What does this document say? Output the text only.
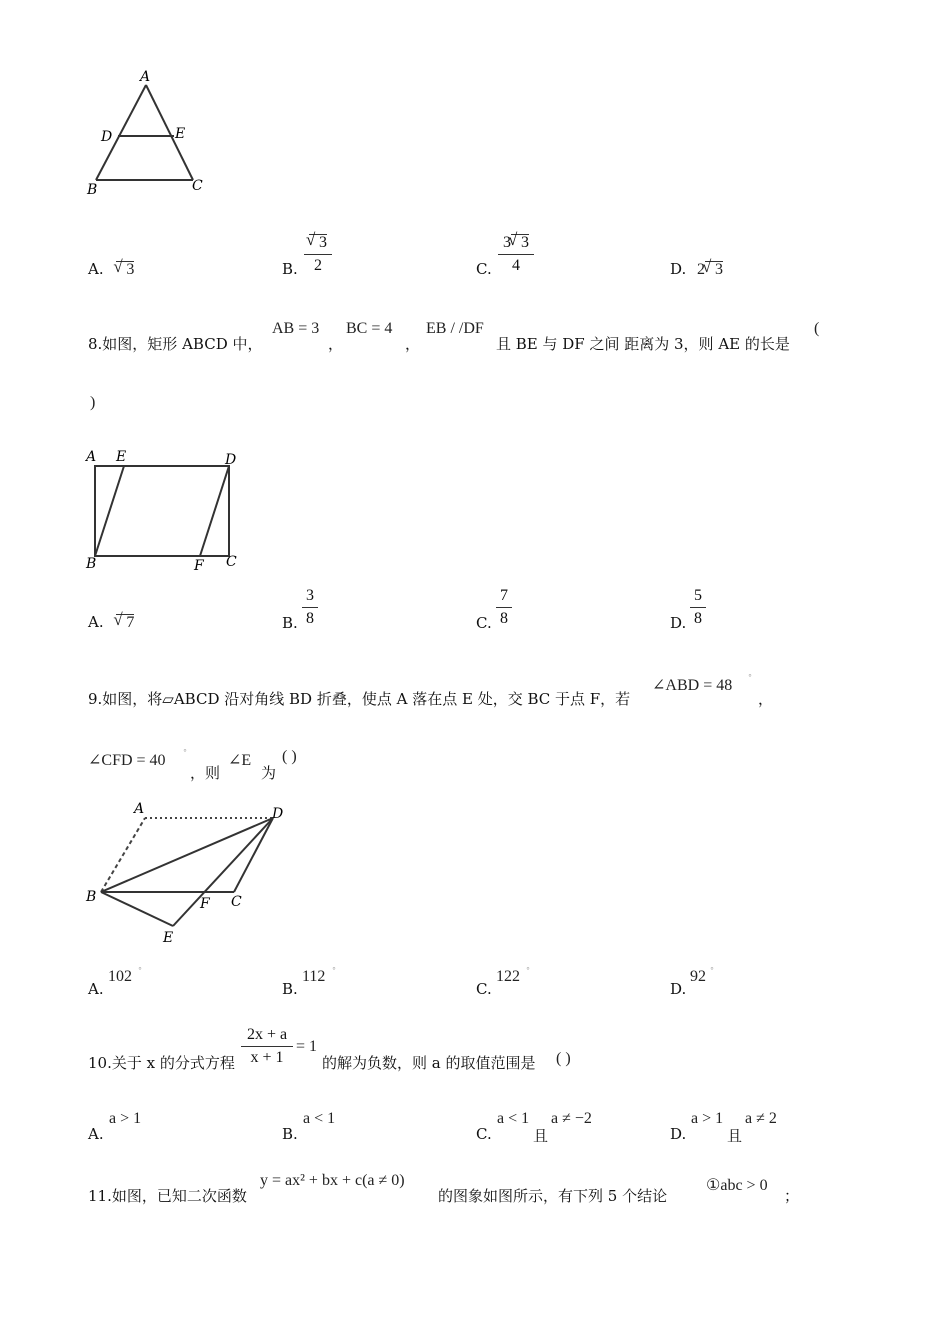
A
D	E
B	C
A. √ 3	B.
√ 3
2	C.
3 √ 3
4	D. 2 √ 3
8.如图，矩形 ABCD 中，
AB = 3
，
BC = 4
，
EB / /DF
且 BE 与 DF 之间 距离为 3，则 AE 的长是
(
)
A E	D
B	F C
A. √ 7	B.
3
8	C.
7
8	D.
5
8
9.如图，将▱ABCD 沿对角线 BD 折叠，使点 A 落在点 E 处，交 BC 于点 F，若
∠ABD = 48 °
，
∠CFD = 40 °
，则
∠E
为
( )
A	D
B	F C
E
A.
102 °
B.
112 °
C.
122 °
D.
92 °
10.关于 x 的分式方程
2x + a
x + 1
= 1
的解为负数，则 a 的取值范围是 ( )
A.
a > 1
B.
a < 1
C.
a < 1
且
a ≠ −2
D.
a > 1
且
a ≠ 2
11.如图，已知二次函数
y = ax² + bx + c(a ≠ 0)
的图象如图所示，有下列 5 个结论
①abc > 0
；
